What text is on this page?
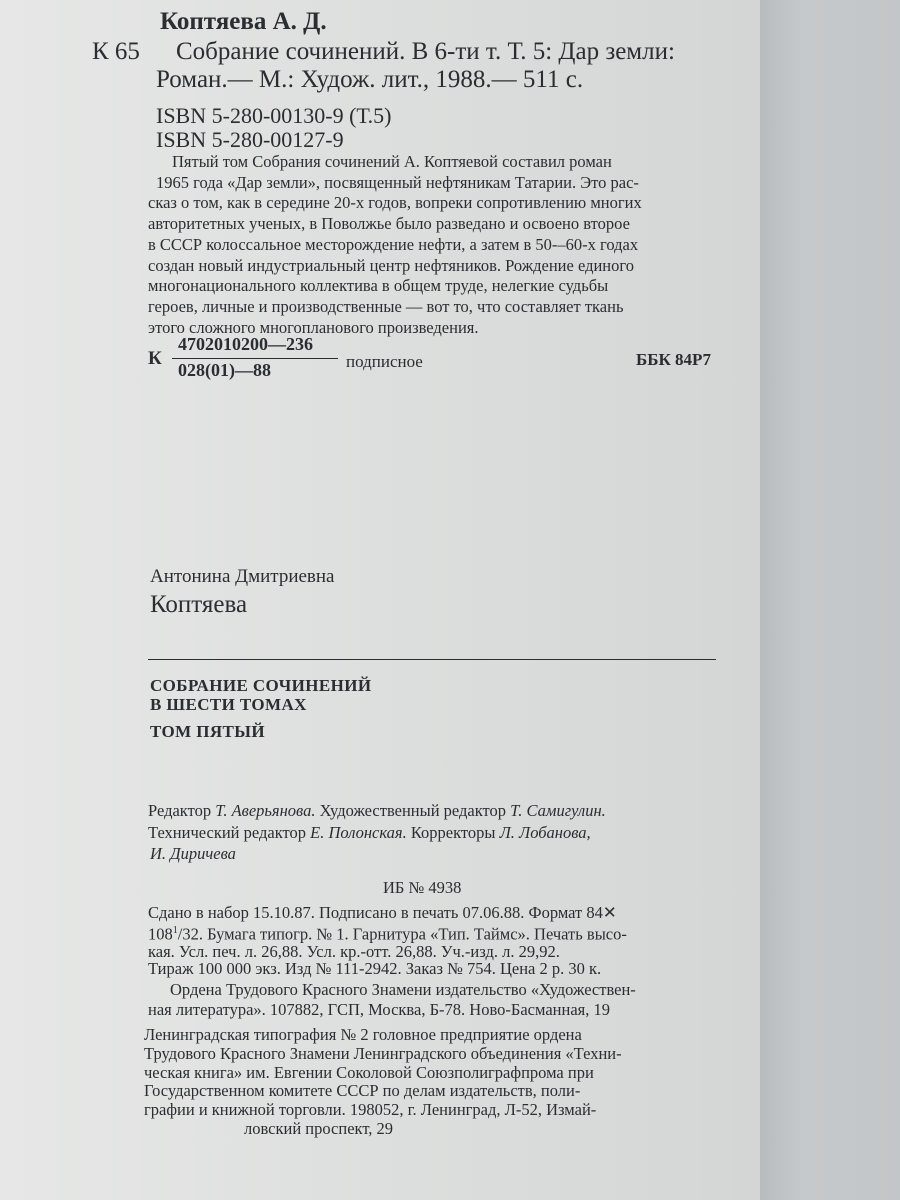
Коптяева А. Д.
К 65 Собрание сочинений. В 6-ти т. Т. 5: Дар земли:
Роман.— М.: Худож. лит., 1988.— 511 с.
ISBN 5-280-00130-9 (Т.5)
ISBN 5-280-00127-9
Пятый том Собрания сочинений А. Коптяевой составил роман
1965 года «Дар земли», посвященный нефтяникам Татарии. Это рас-
сказ о том, как в середине 20-х годов, вопреки сопротивлению многих
авторитетных ученых, в Поволжье было разведано и освоено второе
в СССР колоссальное месторождение нефти, а затем в 50-–60-х годах
создан новый индустриальный центр нефтяников. Рождение единого
многонационального коллектива в общем труде, нелегкие судьбы
героев, личные и производственные — вот то, что составляет ткань
этого сложного многопланового произведения.
К
4702010200—236
028(01)—88	подписное	ББК 84Р7
Антонина Дмитриевна
Коптяева
СОБРАНИЕ СОЧИНЕНИЙ
В ШЕСТИ ТОМАХ
ТОМ ПЯТЫЙ
Редактор Т. Аверьянова. Художественный редактор Т. Самигулин.
Технический редактор Е. Полонская. Корректоры Л. Лобанова,
И. Диричева
ИБ № 4938
Сдано в набор 15.10.87. Подписано в печать 07.06.88. Формат 84✕
$108^1/32$. Бумага типогр. № 1. Гарнитура «Тип. Таймс». Печать высо-
кая. Усл. печ. л. 26,88. Усл. кр.-отт. 26,88. Уч.-изд. л. 29,92.
Тираж 100 000 экз. Изд № 111-2942. Заказ № 754. Цена 2 р. 30 к.
Ордена Трудового Красного Знамени издательство «Художествен-
ная литература». 107882, ГСП, Москва, Б-78. Ново-Басманная, 19
Ленинградская типография № 2 головное предприятие ордена
Трудового Красного Знамени Ленинградского объединения «Техни-
ческая книга» им. Евгении Соколовой Союзполиграфпрома при
Государственном комитете СССР по делам издательств, поли-
графии и книжной торговли. 198052, г. Ленинград, Л-52, Измай-
ловский проспект, 29
